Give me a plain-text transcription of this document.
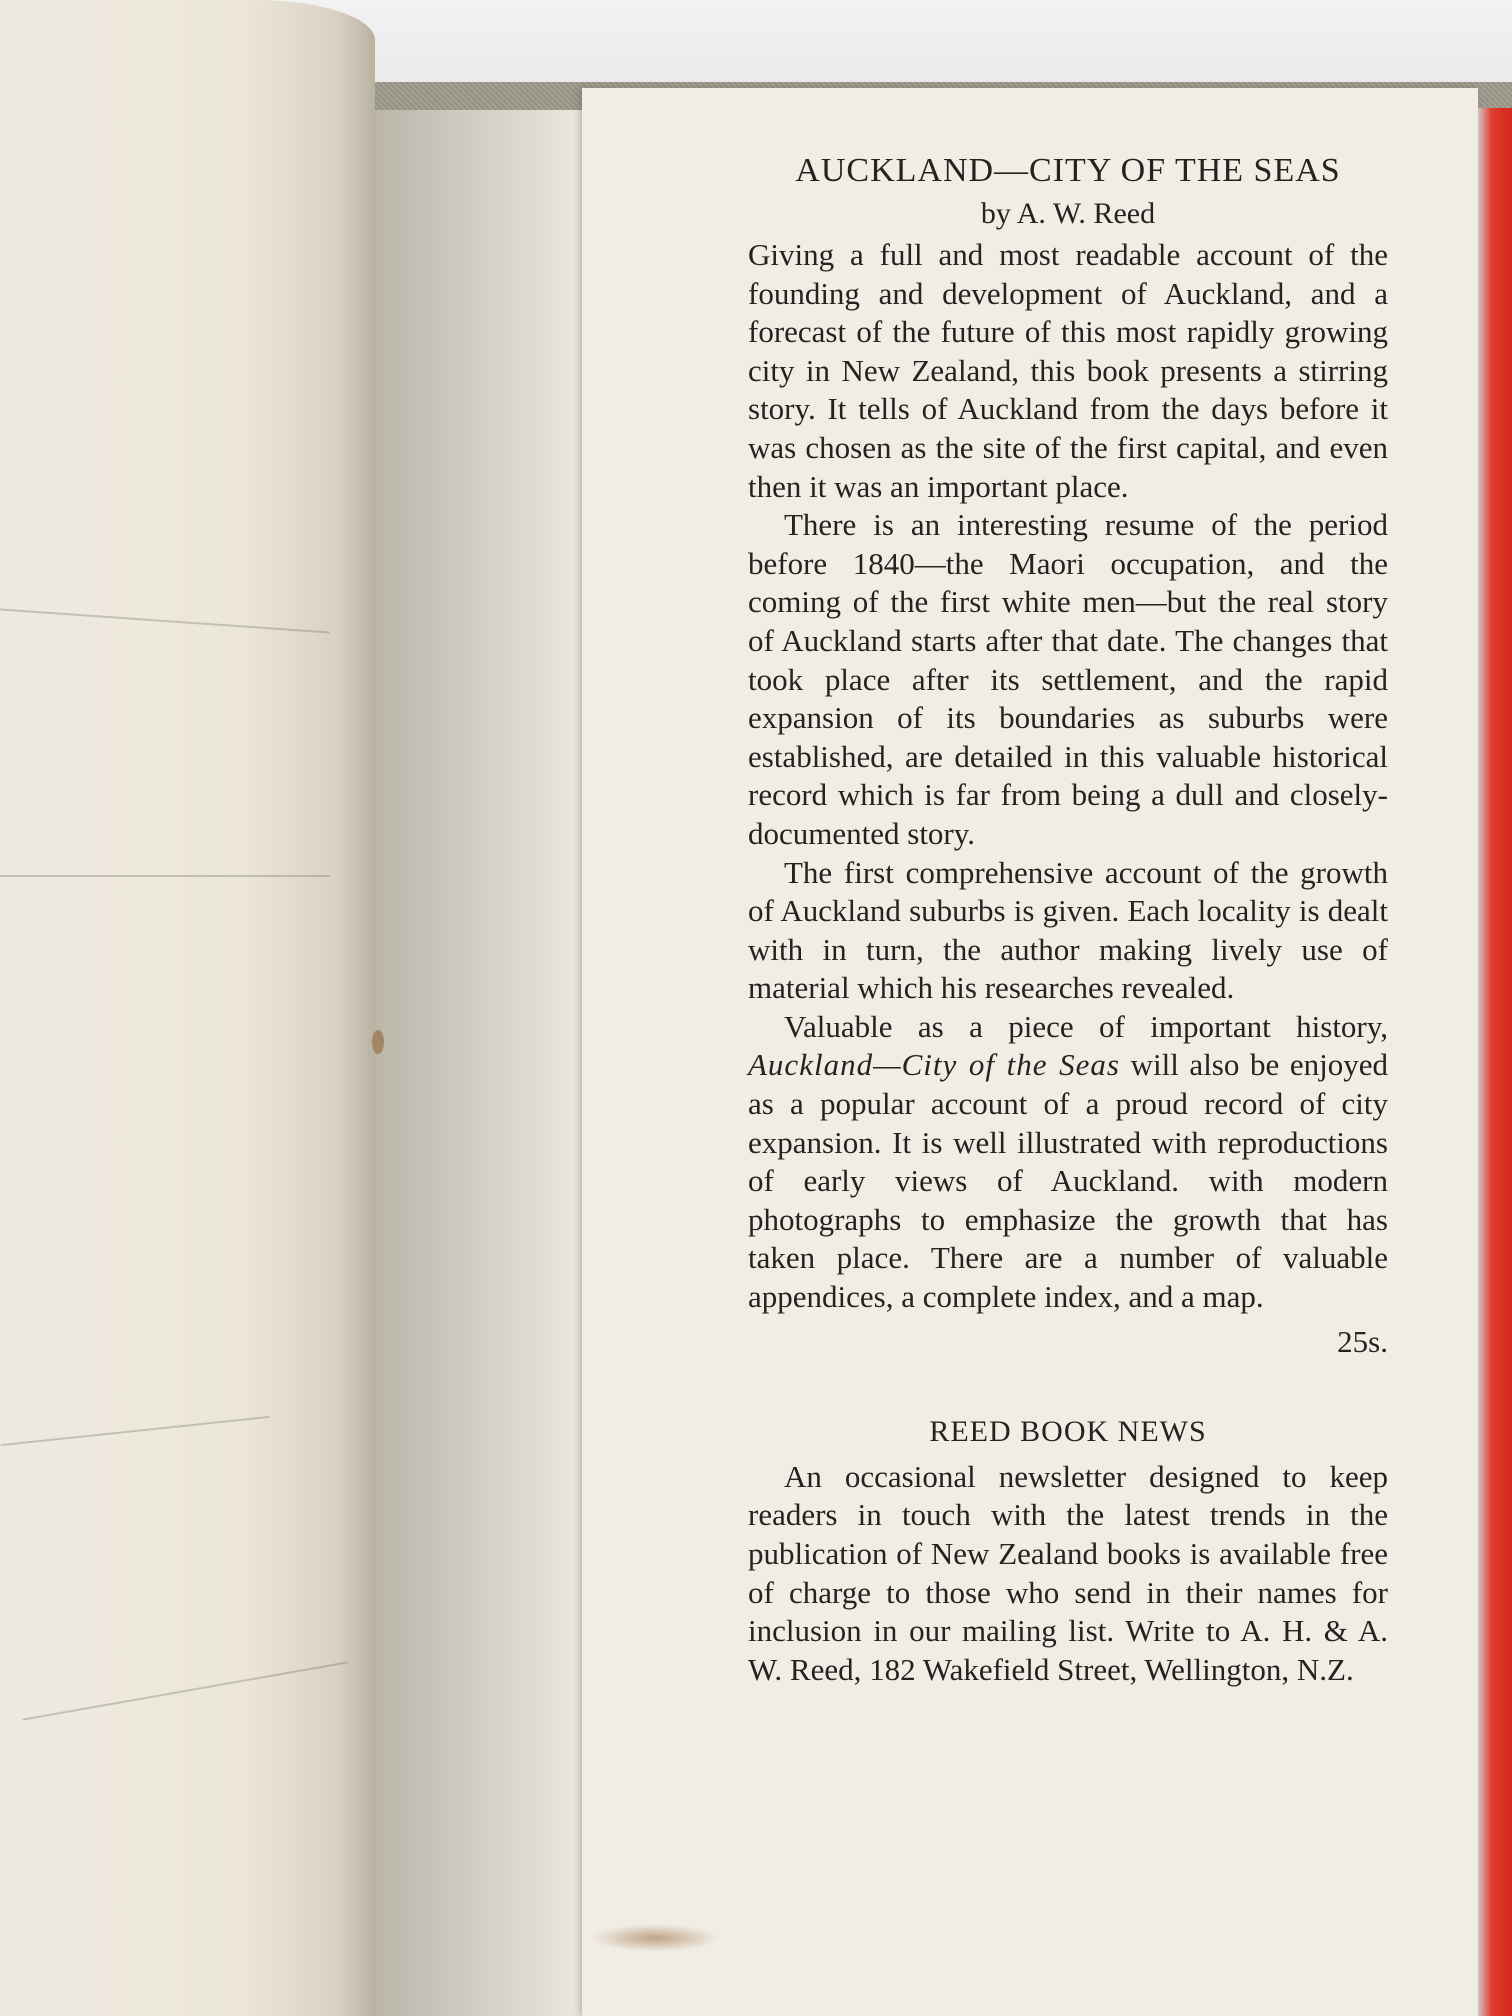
AUCKLAND—CITY OF THE SEAS

by A. W. Reed

Giving a full and most readable account of the founding and development of Auckland, and a forecast of the future of this most rapidly growing city in New Zealand, this book presents a stirring story. It tells of Auckland from the days before it was chosen as the site of the first capital, and even then it was an important place.

There is an interesting resume of the period before 1840—the Maori occupation, and the coming of the first white men—but the real story of Auckland starts after that date. The changes that took place after its settlement, and the rapid expansion of its boundaries as suburbs were established, are detailed in this valuable historical record which is far from being a dull and closely-documented story.

The first comprehensive account of the growth of Auckland suburbs is given. Each locality is dealt with in turn, the author making lively use of material which his researches revealed.

Valuable as a piece of important history, Auckland—City of the Seas will also be enjoyed as a popular account of a proud record of city expansion. It is well illustrated with reproductions of early views of Auckland. with modern photographs to emphasize the growth that has taken place. There are a number of valuable appendices, a complete index, and a map.

25s.

REED BOOK NEWS

An occasional newsletter designed to keep readers in touch with the latest trends in the publication of New Zealand books is available free of charge to those who send in their names for inclusion in our mailing list. Write to A. H. & A. W. Reed, 182 Wakefield Street, Wellington, N.Z.
